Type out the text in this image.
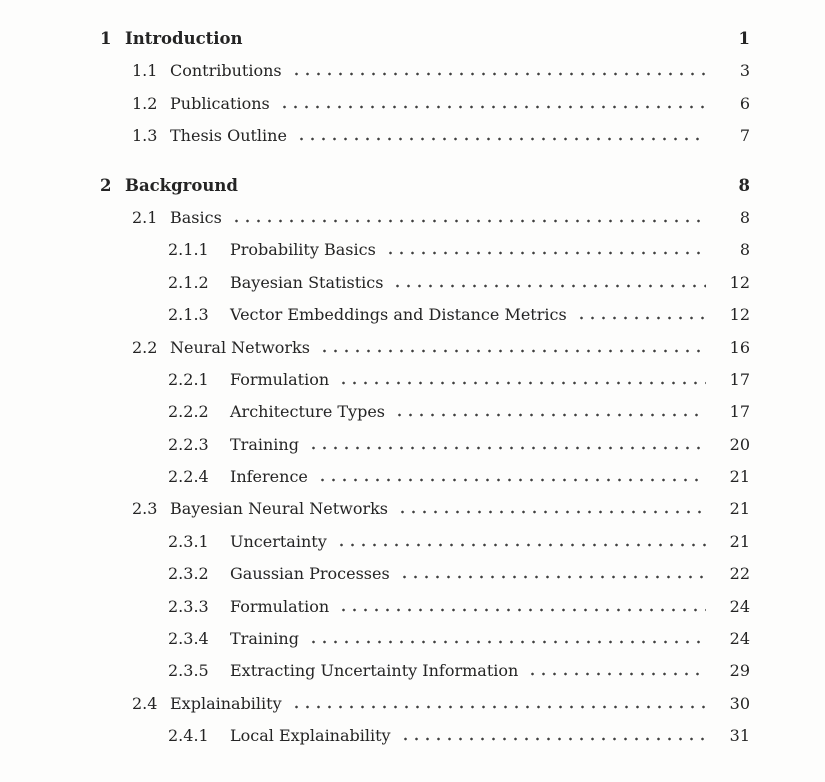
1 Introduction	1
1.1 Contributions	3
1.2 Publications	6
1.3 Thesis Outline	7
2 Background	8
2.1 Basics	8
2.1.1	Probability Basics	8
2.1.2	Bayesian Statistics	12
2.1.3	Vector Embeddings and Distance Metrics	12
2.2 Neural Networks	16
2.2.1	Formulation	17
2.2.2	Architecture Types	17
2.2.3	Training	20
2.2.4	Inference	21
2.3 Bayesian Neural Networks	21
2.3.1	Uncertainty	21
2.3.2	Gaussian Processes	22
2.3.3	Formulation	24
2.3.4	Training	24
2.3.5	Extracting Uncertainty Information	29
2.4 Explainability	30
2.4.1	Local Explainability	31
